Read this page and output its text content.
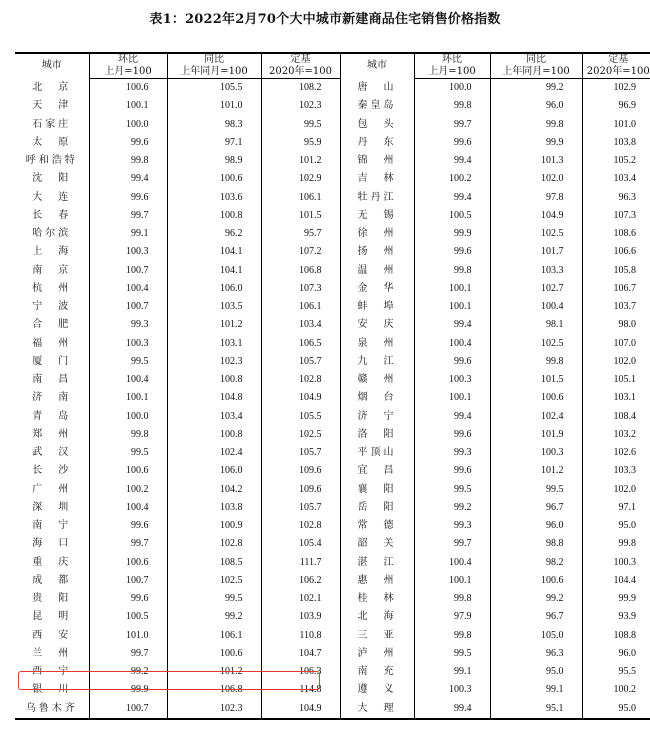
表1：2022年2月70个大中城市新建商品住宅销售价格指数
城市	环比	同比	定基	城市	环比	同比	定基
	上月=100	上年同月=100	2020年=100		上月=100	上年同月=100	2020年=100
北　京	100.6	105.5	108.2	唐　山	100.0	99.2	102.9
天　津	100.1	101.0	102.3	秦皇岛	99.8	96.0	96.9
石家庄	100.0	98.3	99.5	包　头	99.7	99.8	101.0
太　原	99.6	97.1	95.9	丹　东	99.6	99.9	103.8
呼和浩特	99.8	98.9	101.2	锦　州	99.4	101.3	105.2
沈　阳	99.4	100.6	102.9	吉　林	100.2	102.0	103.4
大　连	99.6	103.6	106.1	牡丹江	99.4	97.8	96.3
长　春	99.7	100.8	101.5	无　锡	100.5	104.9	107.3
哈尔滨	99.1	96.2	95.7	徐　州	99.9	102.5	108.6
上　海	100.3	104.1	107.2	扬　州	99.6	101.7	106.6
南　京	100.7	104.1	106.8	温　州	99.8	103.3	105.8
杭　州	100.4	106.0	107.3	金　华	100.1	102.7	106.7
宁　波	100.7	103.5	106.1	蚌　埠	100.1	100.4	103.7
合　肥	99.3	101.2	103.4	安　庆	99.4	98.1	98.0
福　州	100.3	103.1	106.5	泉　州	100.4	102.5	107.0
厦　门	99.5	102.3	105.7	九　江	99.6	99.8	102.0
南　昌	100.4	100.8	102.8	赣　州	100.3	101.5	105.1
济　南	100.1	104.8	104.9	烟　台	100.1	100.6	103.1
青　岛	100.0	103.4	105.5	济　宁	99.4	102.4	108.4
郑　州	99.8	100.8	102.5	洛　阳	99.6	101.9	103.2
武　汉	99.5	102.4	105.7	平顶山	99.3	100.3	102.6
长　沙	100.6	106.0	109.6	宜　昌	99.6	101.2	103.3
广　州	100.2	104.2	109.6	襄　阳	99.5	99.5	102.0
深　圳	100.4	103.8	105.7	岳　阳	99.2	96.7	97.1
南　宁	99.6	100.9	102.8	常　德	99.3	96.0	95.0
海　口	99.7	102.8	105.4	韶　关	99.7	98.8	99.8
重　庆	100.6	108.5	111.7	湛　江	100.4	98.2	100.3
成　都	100.7	102.5	106.2	惠　州	100.1	100.6	104.4
贵　阳	99.6	99.5	102.1	桂　林	99.8	99.2	99.9
昆　明	100.5	99.2	103.9	北　海	97.9	96.7	93.9
西　安	101.0	106.1	110.8	三　亚	99.8	105.0	108.8
兰　州	99.7	100.6	104.7	泸　州	99.5	96.3	96.0
西　宁	99.2	101.2	106.3	南　充	99.1	95.0	95.5
银　川	99.9	106.8	114.8	遵　义	100.3	99.1	100.2
乌鲁木齐	100.7	102.3	104.9	大　理	99.4	95.1	95.0
